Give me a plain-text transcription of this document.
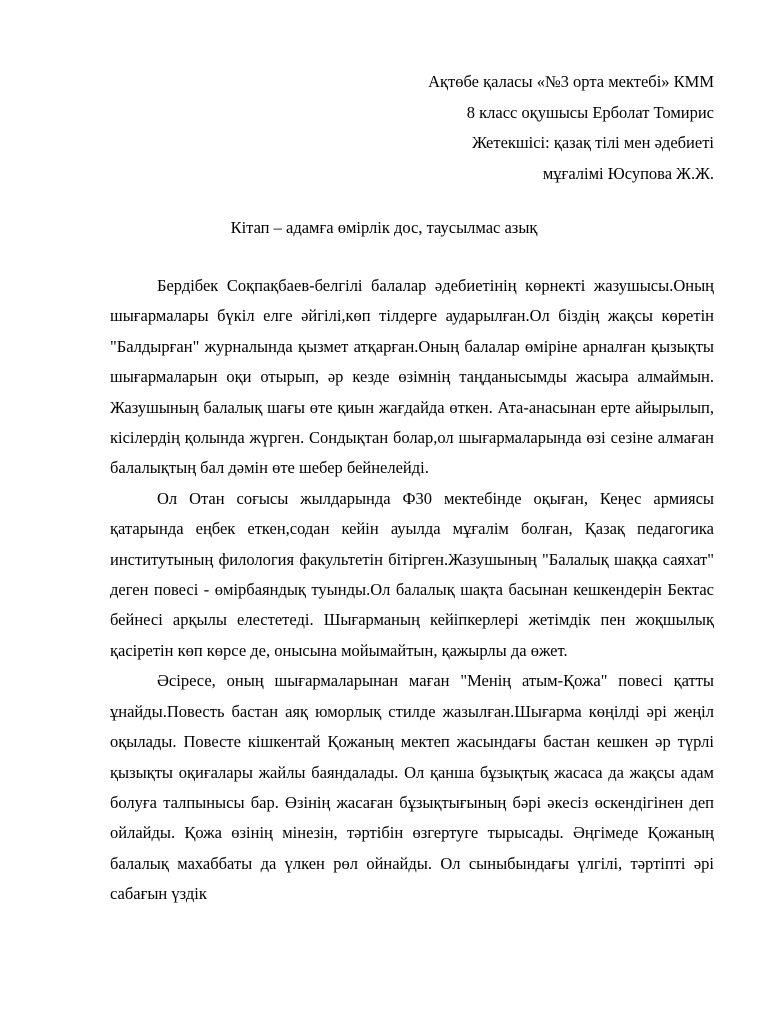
Ақтөбе қаласы «№3 орта мектебі» КММ
8 класс оқушысы Ерболат Томирис
Жетекшісі: қазақ тілі мен әдебиеті
мұғалімі Юсупова Ж.Ж.
Кітап – адамға өмірлік дос, таусылмас азық

Бердібек Соқпақбаев-белгілі балалар әдебиетінің көрнекті жазушысы.Оның шығармалары бүкіл елге әйгілі,көп тілдерге аударылған.Ол біздің жақсы көретін "Балдырған" журналында қызмет атқарған.Оның балалар өміріне арналған қызықты шығармаларын оқи отырып, әр кезде өзімнің таңданысымды жасыра алмаймын. Жазушының балалық шағы өте қиын жағдайда өткен. Ата-анасынан ерте айырылып, кісілердің қолында жүрген. Сондықтан болар,ол шығармаларында өзі сезіне алмаған балалықтың бал дәмін өте шебер бейнелейді.

Ол Отан соғысы жылдарында Ф30 мектебінде оқыған, Кеңес армиясы қатарында еңбек еткен,содан кейін ауылда мұғалім болған, Қазақ педагогика институтының филология факультетін бітірген.Жазушының "Балалық шаққа саяхат" деген повесі - өмірбаяндық туынды.Ол балалық шақта басынан кешкендерін Бектас бейнесі арқылы елестетеді. Шығарманың кейіпкерлері жетімдік пен жоқшылық қасіретін көп көрсе де, онысына мойымайтын, қажырлы да өжет.

Әсіресе, оның шығармаларынан маған "Менің атым-Қожа" повесі қатты ұнайды.Повесть бастан аяқ юморлық стилде жазылған.Шығарма көңілді әрі жеңіл оқылады. Повесте кішкентай Қожаның мектеп жасындағы бастан кешкен әр түрлі қызықты оқиғалары жайлы баяндалады. Ол қанша бұзықтық жасаса да жақсы адам болуға талпынысы бар. Өзінің жасаған бұзықтығының бәрі әкесіз өскендігінен деп ойлайды. Қожа өзінің мінезін, тәртібін өзгертуге тырысады. Әңгімеде Қожаның балалық махаббаты да үлкен рөл ойнайды. Ол сыныбындағы үлгілі, тәртіпті әрі сабағын үздік
